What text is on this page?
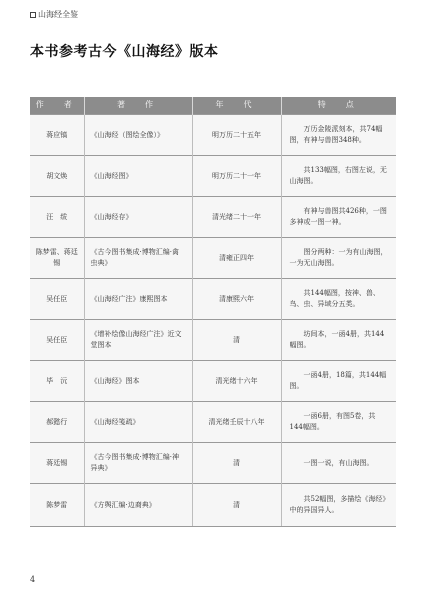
山海经全鉴
本书参考古今《山海经》版本
作　者	著　作	年　代	特　点
蒋应镐	《山海经（图绘全像）》	明万历二十五年	万历金陵派刻本，共74幅图，有神与兽图348种。
胡文焕	《山海经图》	明万历二十一年	共133幅图，右图左说，无山海图。
汪　绂	《山海经存》	清光绪二十一年	有神与兽图共426种，一图多神或一图一神。
陈梦雷、蒋廷锡	《古今图书集成·博物汇编·禽虫典》	清雍正四年	图分两种：一为有山海图，一为无山海图。
吴任臣	《山海经广注》康熙图本	清康熙六年	共144幅图，按神、兽、鸟、虫、异域分五类。
吴任臣	《增补绘像山海经广注》近文堂图本	清	坊间本，一函4册，共144幅图。
毕　沅	《山海经》图本	清光绪十六年	一函4册，18篇，共144幅图。
郝懿行	《山海经笺疏》	清光绪壬辰十八年	一函6册，有图5卷，共144幅图。
蒋廷锡	《古今图书集成·博物汇编·神异典》	清	一图一说，有山海图。
陈梦雷	《方舆汇编·边裔典》	清	共52幅图，多描绘《海经》中的异国异人。
4
